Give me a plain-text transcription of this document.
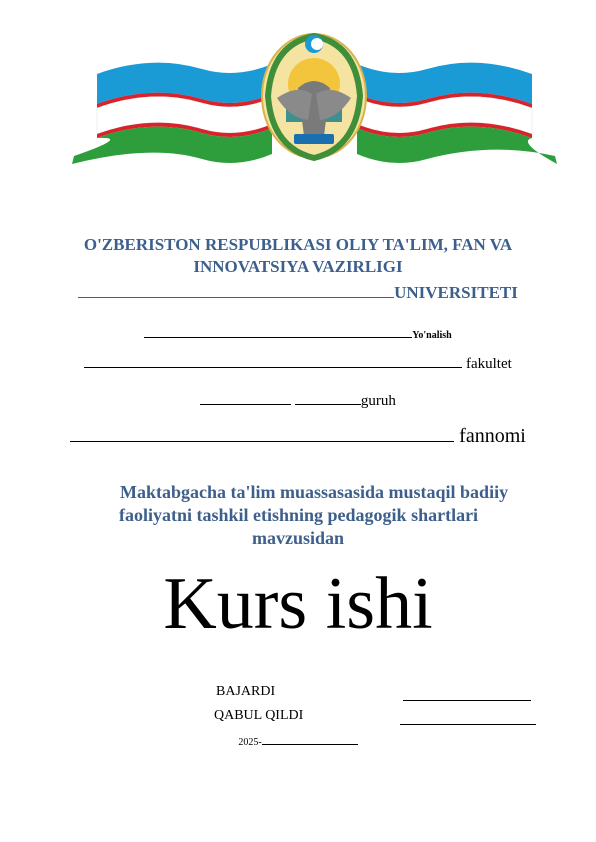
O'ZBERISTON RESPUBLIKASI OLIY TA'LIM, FAN VA
INNOVATSIYA VAZIRLIGI
UNIVERSITETI
Yo'nalish
fakultet
guruh
fannomi
Maktabgacha ta'lim muassasasida mustaqil badiiy
faoliyatni tashkil etishning pedagogik shartlari
mavzusidan
Kurs ishi
BAJARDI
QABUL QILDI
2025-
